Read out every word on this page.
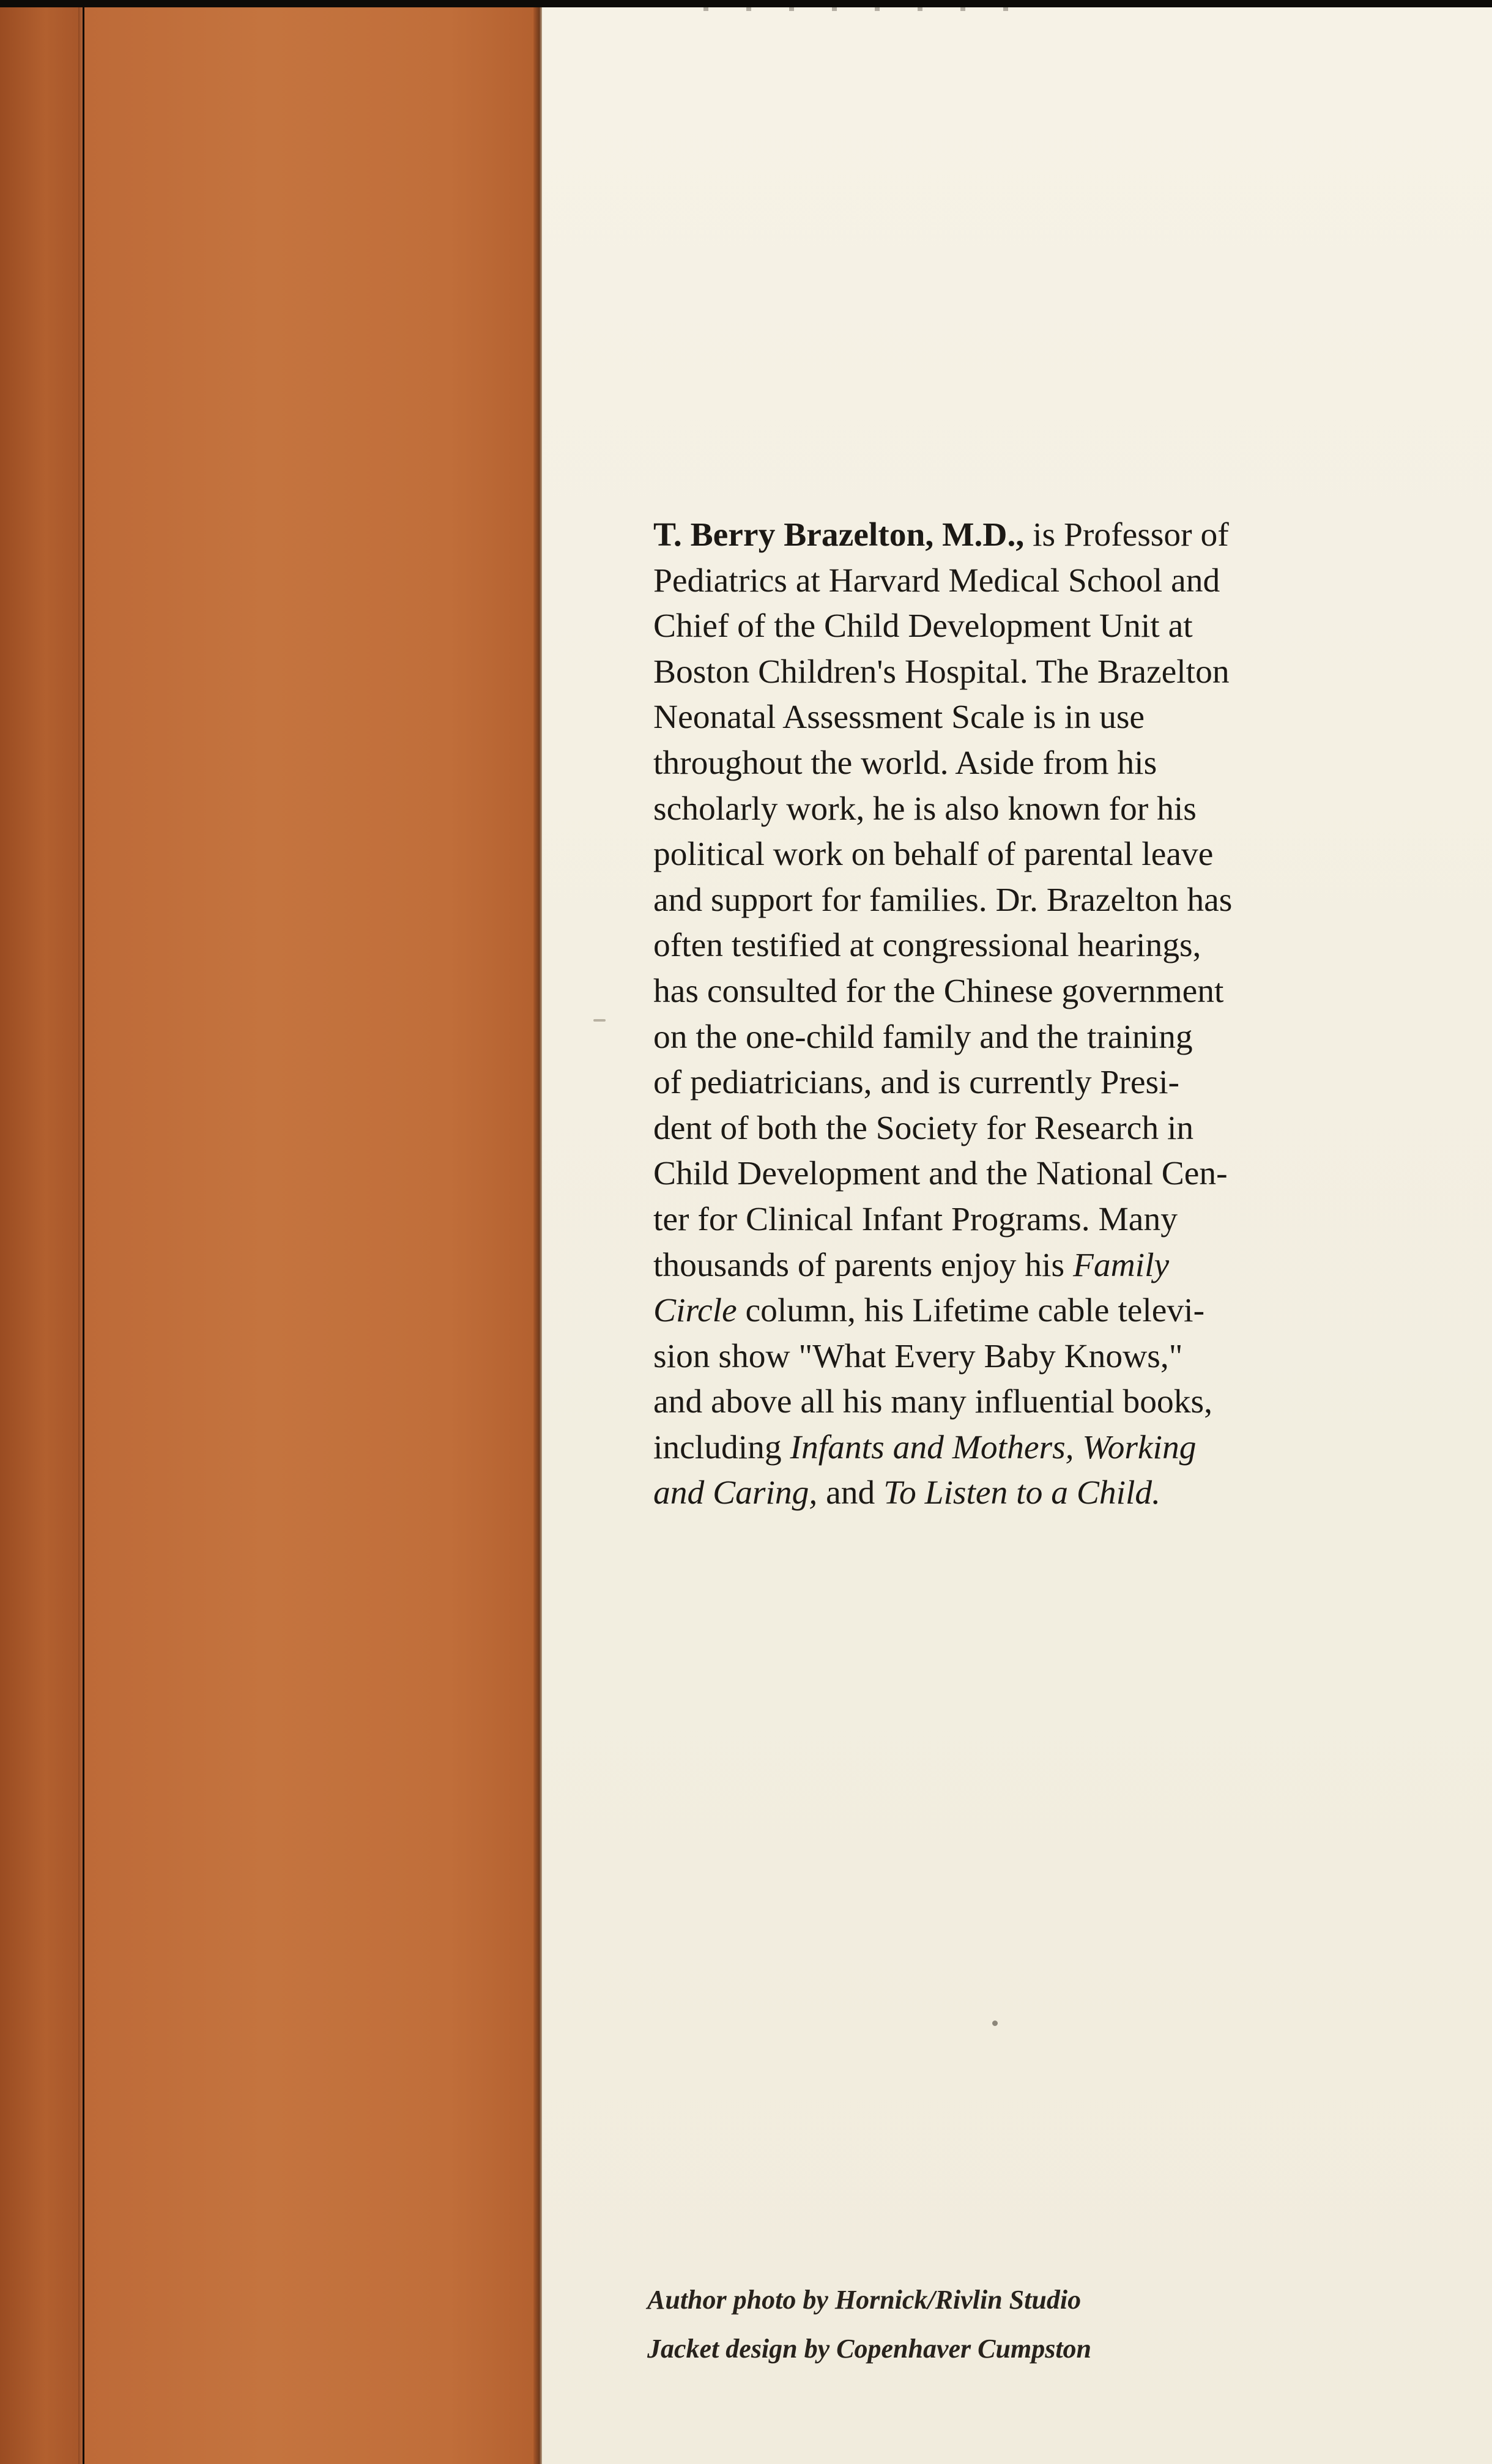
T. Berry Brazelton, M.D., is Professor of
Pediatrics at Harvard Medical School and
Chief of the Child Development Unit at
Boston Children's Hospital. The Brazelton
Neonatal Assessment Scale is in use
throughout the world. Aside from his
scholarly work, he is also known for his
political work on behalf of parental leave
and support for families. Dr. Brazelton has
often testified at congressional hearings,
has consulted for the Chinese government
on the one-child family and the training
of pediatricians, and is currently Presi-
dent of both the Society for Research in
Child Development and the National Cen-
ter for Clinical Infant Programs. Many
thousands of parents enjoy his Family
Circle column, his Lifetime cable televi-
sion show "What Every Baby Knows,"
and above all his many influential books,
including Infants and Mothers, Working
and Caring, and To Listen to a Child.

Author photo by Hornick/Rivlin Studio
Jacket design by Copenhaver Cumpston
